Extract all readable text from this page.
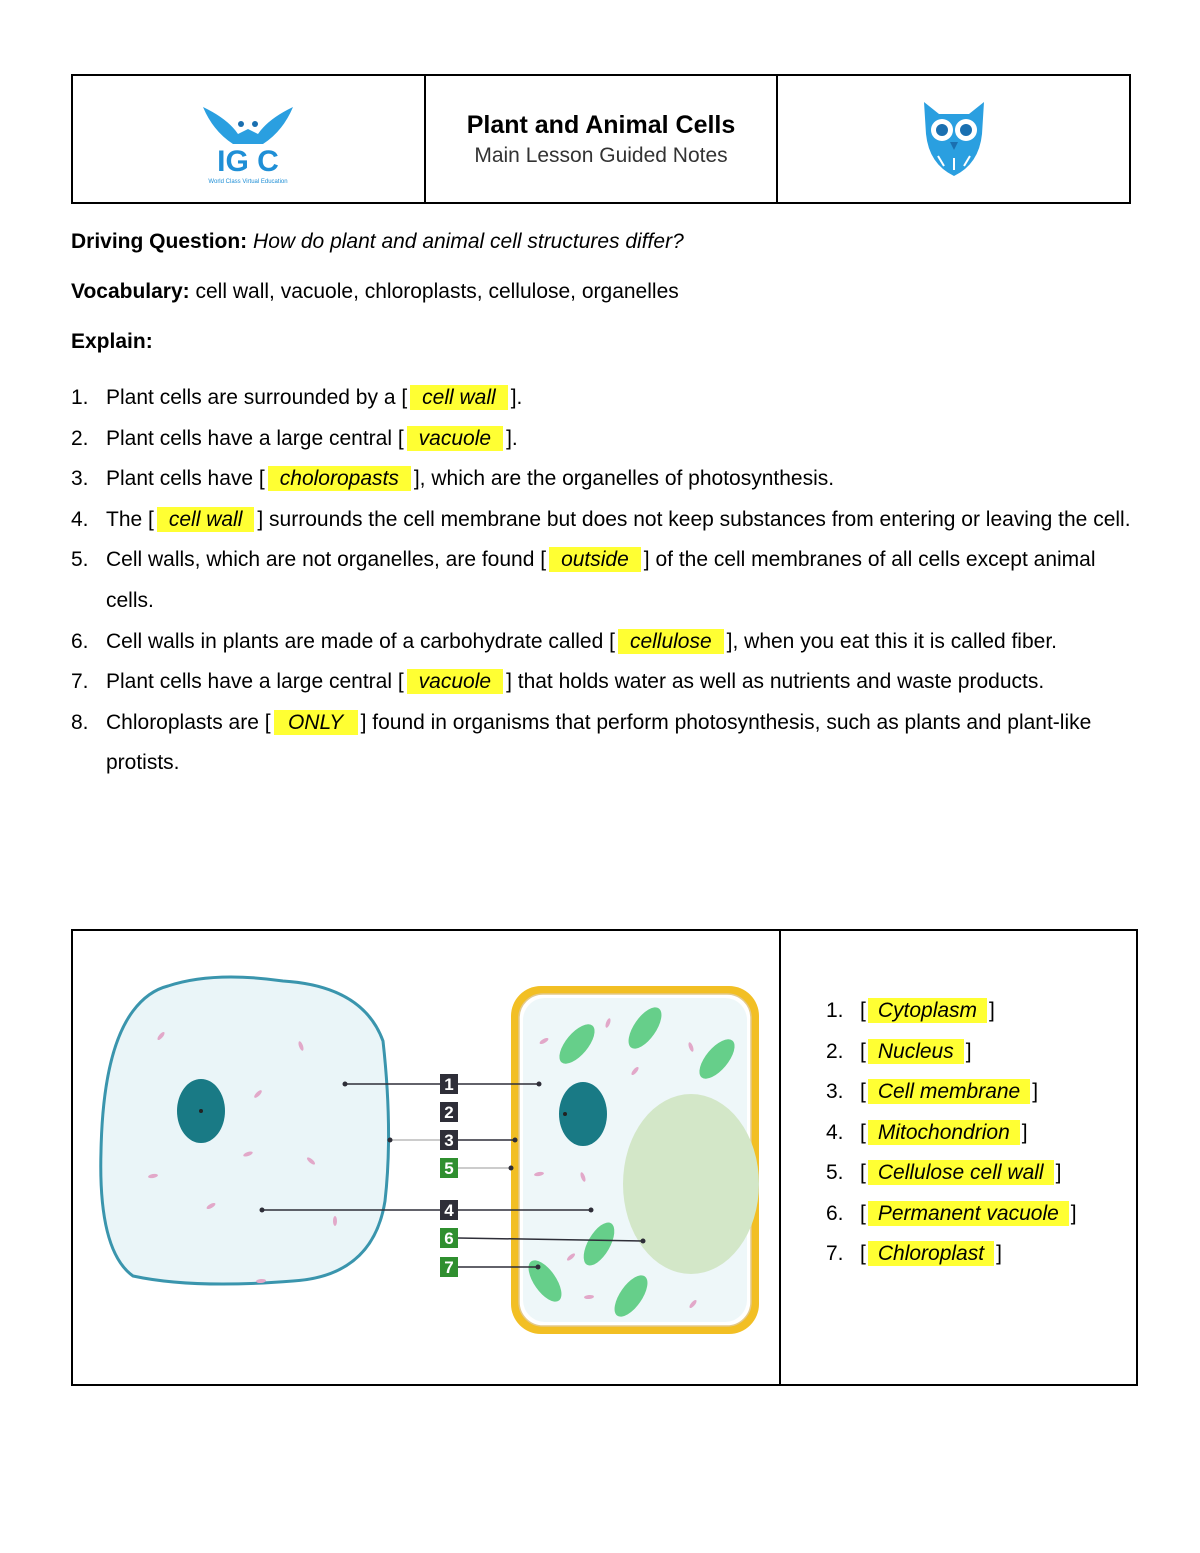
IG C
World Class Virtual Education
Plant and Animal Cells
Main Lesson Guided Notes
Driving Question: How do plant and animal cell structures differ?
Vocabulary: cell wall, vacuole, chloroplasts, cellulose, organelles
Explain:
1. Plant cells are surrounded by a [ cell wall ].
2. Plant cells have a large central [ vacuole ].
3. Plant cells have [ choloropasts ], which are the organelles of photosynthesis.
4. The [ cell wall ] surrounds the cell membrane but does not keep substances from entering or leaving the cell.
5. Cell walls, which are not organelles, are found [ outside ] of the cell membranes of all cells except animal cells.
6. Cell walls in plants are made of a carbohydrate called [ cellulose ], when you eat this it is called fiber.
7. Plant cells have a large central [ vacuole ] that holds water as well as nutrients and waste products.
8. Chloroplasts are [ ONLY ] found in organisms that perform photosynthesis, such as plants and plant-like protists.
1
2
3
5
4
6
7
1. [ Cytoplasm ]
2. [ Nucleus ]
3. [ Cell membrane ]
4. [ Mitochondrion ]
5. [ Cellulose cell wall ]
6. [ Permanent vacuole ]
7. [ Chloroplast ]
